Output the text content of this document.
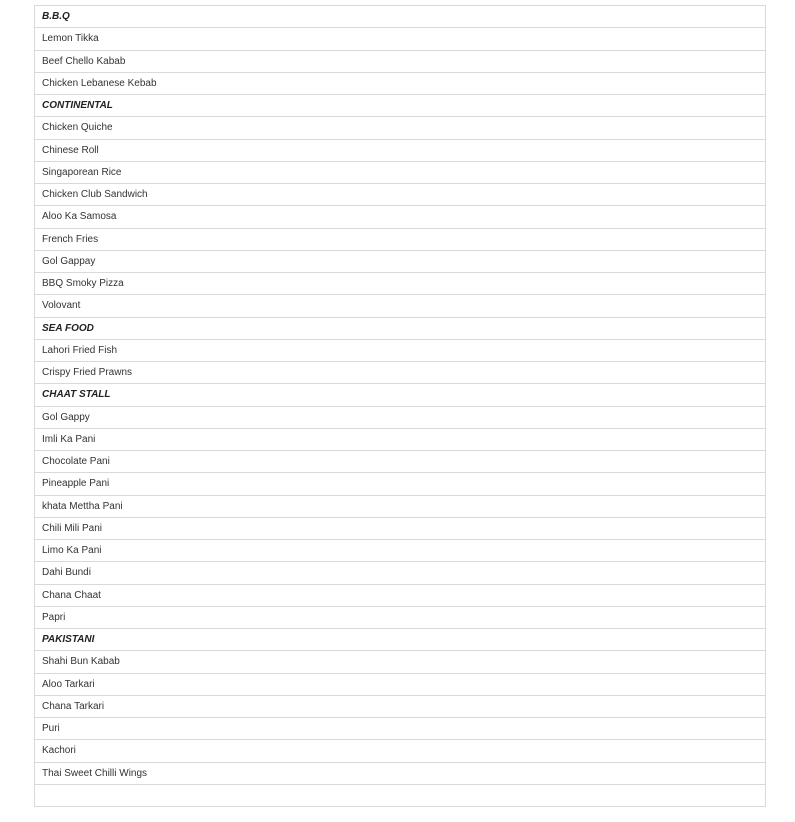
B.B.Q
Lemon Tikka
Beef Chello Kabab
Chicken Lebanese Kebab
CONTINENTAL
Chicken Quiche
Chinese Roll
Singaporean Rice
Chicken Club Sandwich
Aloo Ka Samosa
French Fries
Gol Gappay
BBQ Smoky Pizza
Volovant
SEA FOOD
Lahori Fried Fish
Crispy Fried Prawns
CHAAT STALL
Gol Gappy
Imli Ka Pani
Chocolate Pani
Pineapple Pani
khata Mettha Pani
Chili Mili Pani
Limo Ka Pani
Dahi Bundi
Chana Chaat
Papri
PAKISTANI
Shahi Bun Kabab
Aloo Tarkari
Chana Tarkari
Puri
Kachori
Thai Sweet Chilli Wings
